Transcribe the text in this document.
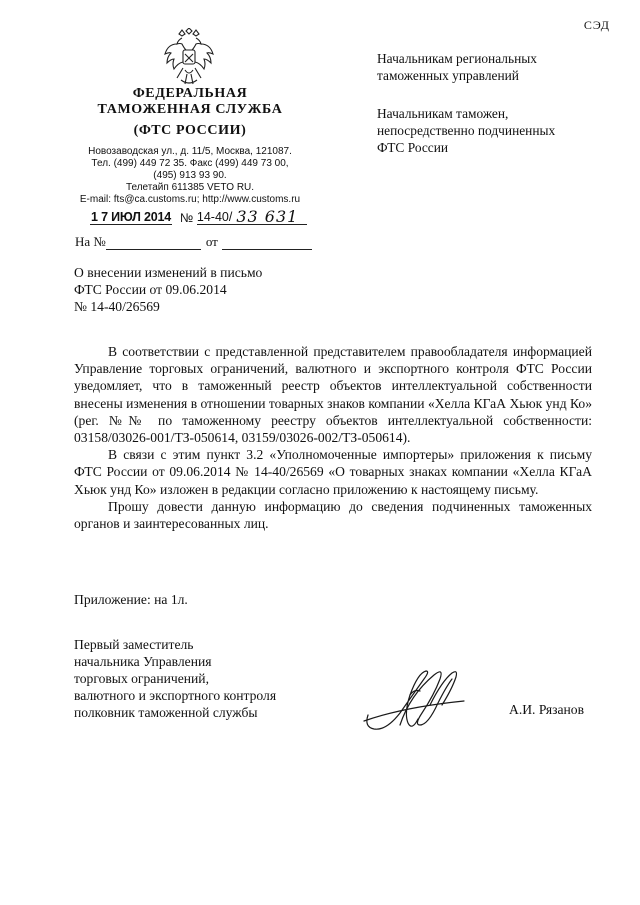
СЭД
ФЕДЕРАЛЬНАЯ
ТАМОЖЕННАЯ СЛУЖБА
(ФТС РОССИИ)
Новозаводская ул., д. 11/5, Москва, 121087.
Тел. (499) 449 72 35. Факс (499) 449 73 00,
(495) 913 93 90.
Телетайп 611385 VETO RU.
E-mail: fts@ca.customs.ru; http://www.customs.ru
1 7 ИЮЛ 2014 №
14-40/ 33 631
На №	от
Начальникам региональных
таможенных управлений
Начальникам таможен,
непосредственно подчиненных
ФТС России
О внесении изменений в письмо
ФТС России от 09.06.2014
№ 14-40/26569

В соответствии с представленной представителем правообладателя информацией Управление торговых ограничений, валютного и экспортного контроля ФТС России уведомляет, что в таможенный реестр объектов интеллектуальной собственности внесены изменения в отношении товарных знаков компании «Хелла КГаА Хьюк унд Ко» (рег. №№ по таможенному реестру объектов интеллектуальной собственности: 03158/03026-001/ТЗ-050614, 03159/03026-002/ТЗ-050614).

В связи с этим пункт 3.2 «Уполномоченные импортеры» приложения к письму ФТС России от 09.06.2014 № 14-40/26569 «О товарных знаках компании «Хелла КГаА Хьюк унд Ко» изложен в редакции согласно приложению к настоящему письму.

Прошу довести данную информацию до сведения подчиненных таможенных органов и заинтересованных лиц.

Приложение: на 1л.
Первый заместитель
начальника Управления
торговых ограничений,
валютного и экспортного контроля
полковник таможенной службы	А.И. Рязанов
